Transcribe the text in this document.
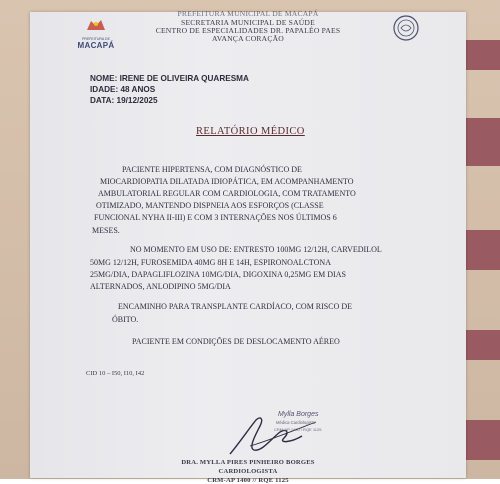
PREFEITURA DE
MACAPÁ
PREFEITURA MUNICIPAL DE MACAPÁ
SECRETARIA MUNICIPAL DE SAÚDE
CENTRO DE ESPECIALIDADES DR. PAPALÉO PAES
AVANÇA CORAÇÃO
NOME: IRENE DE OLIVEIRA QUARESMA
IDADE: 48 ANOS
DATA: 19/12/2025
RELATÓRIO MÉDICO
PACIENTE HIPERTENSA, COM DIAGNÓSTICO DE
MIOCARDIOPATIA DILATADA IDIOPÁTICA, EM ACOMPANHAMENTO
AMBULATORIAL REGULAR COM CARDIOLOGIA, COM TRATAMENTO
OTIMIZADO, MANTENDO DISPNEIA AOS ESFORÇOS (CLASSE
FUNCIONAL NYHA II-III) E COM 3 INTERNAÇÕES NOS ÚLTIMOS 6
MESES.
NO MOMENTO EM USO DE: ENTRESTO 100MG 12/12H, CARVEDILOL
50MG 12/12H, FUROSEMIDA 40MG 8H E 14H, ESPIRONOALCTONA
25MG/DIA, DAPAGLIFLOZINA 10MG/DIA, DIGOXINA 0,25MG EM DIAS
ALTERNADOS, ANLODIPINO 5MG/DIA
ENCAMINHO PARA TRANSPLANTE CARDÍACO, COM RISCO DE
ÓBITO.
PACIENTE EM CONDIÇÕES DE DESLOCAMENTO AÉREO
CID 10 – I50, I10, I42
Mylla Borges
Médica Cardiologista
CRM-AP 1400 / RQE 1125
DRA. MYLLA PIRES PINHEIRO BORGES
CARDIOLOGISTA
CRM-AP 1400 // RQE 1125
